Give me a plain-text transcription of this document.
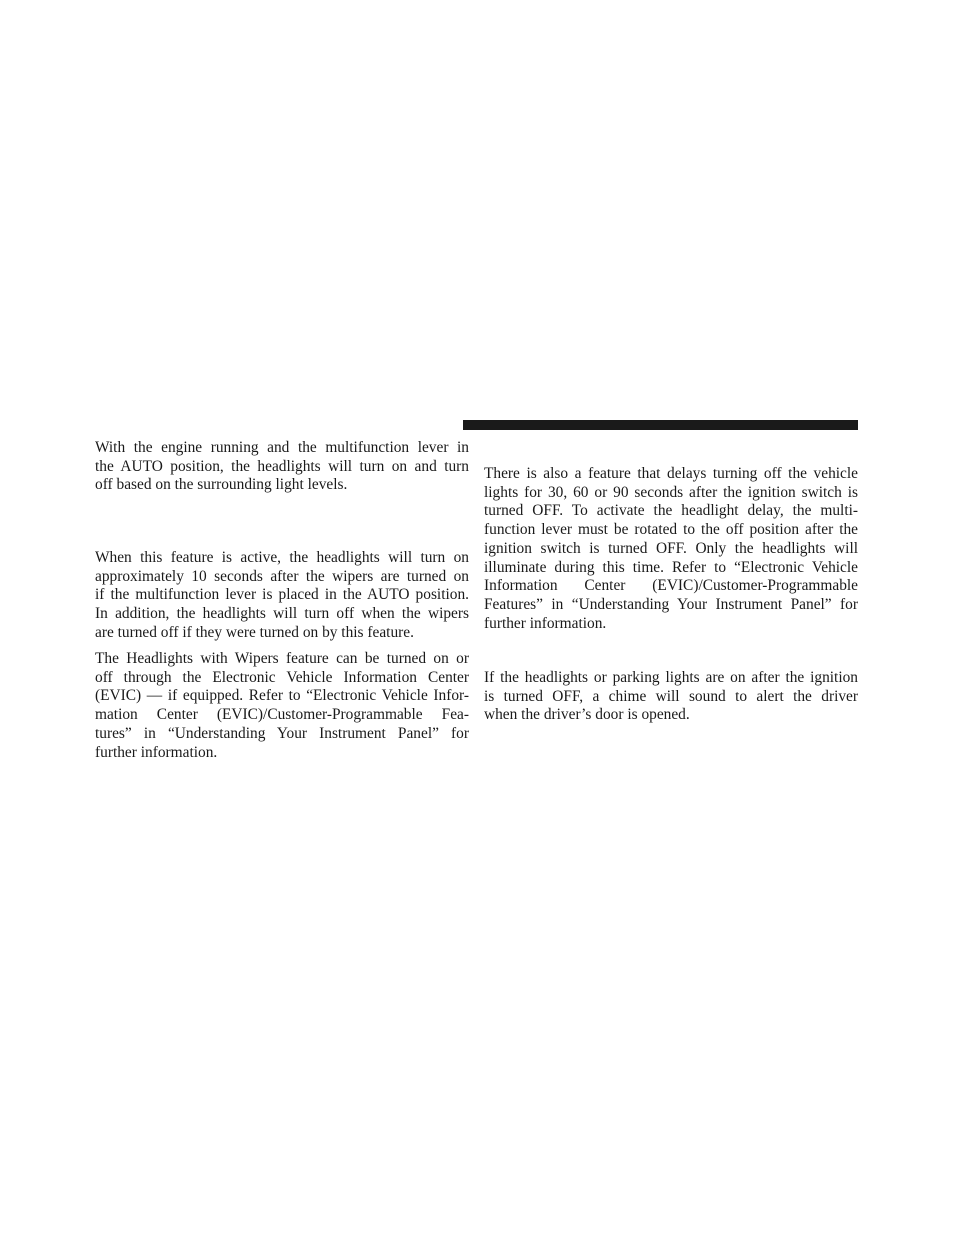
With the engine running and the multifunction lever in
the AUTO position, the headlights will turn on and turn
off based on the surrounding light levels.

When this feature is active, the headlights will turn on
approximately 10 seconds after the wipers are turned on
if the multifunction lever is placed in the AUTO position.
In addition, the headlights will turn off when the wipers
are turned off if they were turned on by this feature.

The Headlights with Wipers feature can be turned on or
off through the Electronic Vehicle Information Center
(EVIC) — if equipped. Refer to “Electronic Vehicle Infor-
mation Center (EVIC)/Customer-Programmable Fea-
tures” in “Understanding Your Instrument Panel” for
further information.

There is also a feature that delays turning off the vehicle
lights for 30, 60 or 90 seconds after the ignition switch is
turned OFF. To activate the headlight delay, the multi-
function lever must be rotated to the off position after the
ignition switch is turned OFF. Only the headlights will
illuminate during this time. Refer to “Electronic Vehicle
Information Center (EVIC)/Customer-Programmable
Features” in “Understanding Your Instrument Panel” for
further information.

If the headlights or parking lights are on after the ignition
is turned OFF, a chime will sound to alert the driver
when the driver’s door is opened.
